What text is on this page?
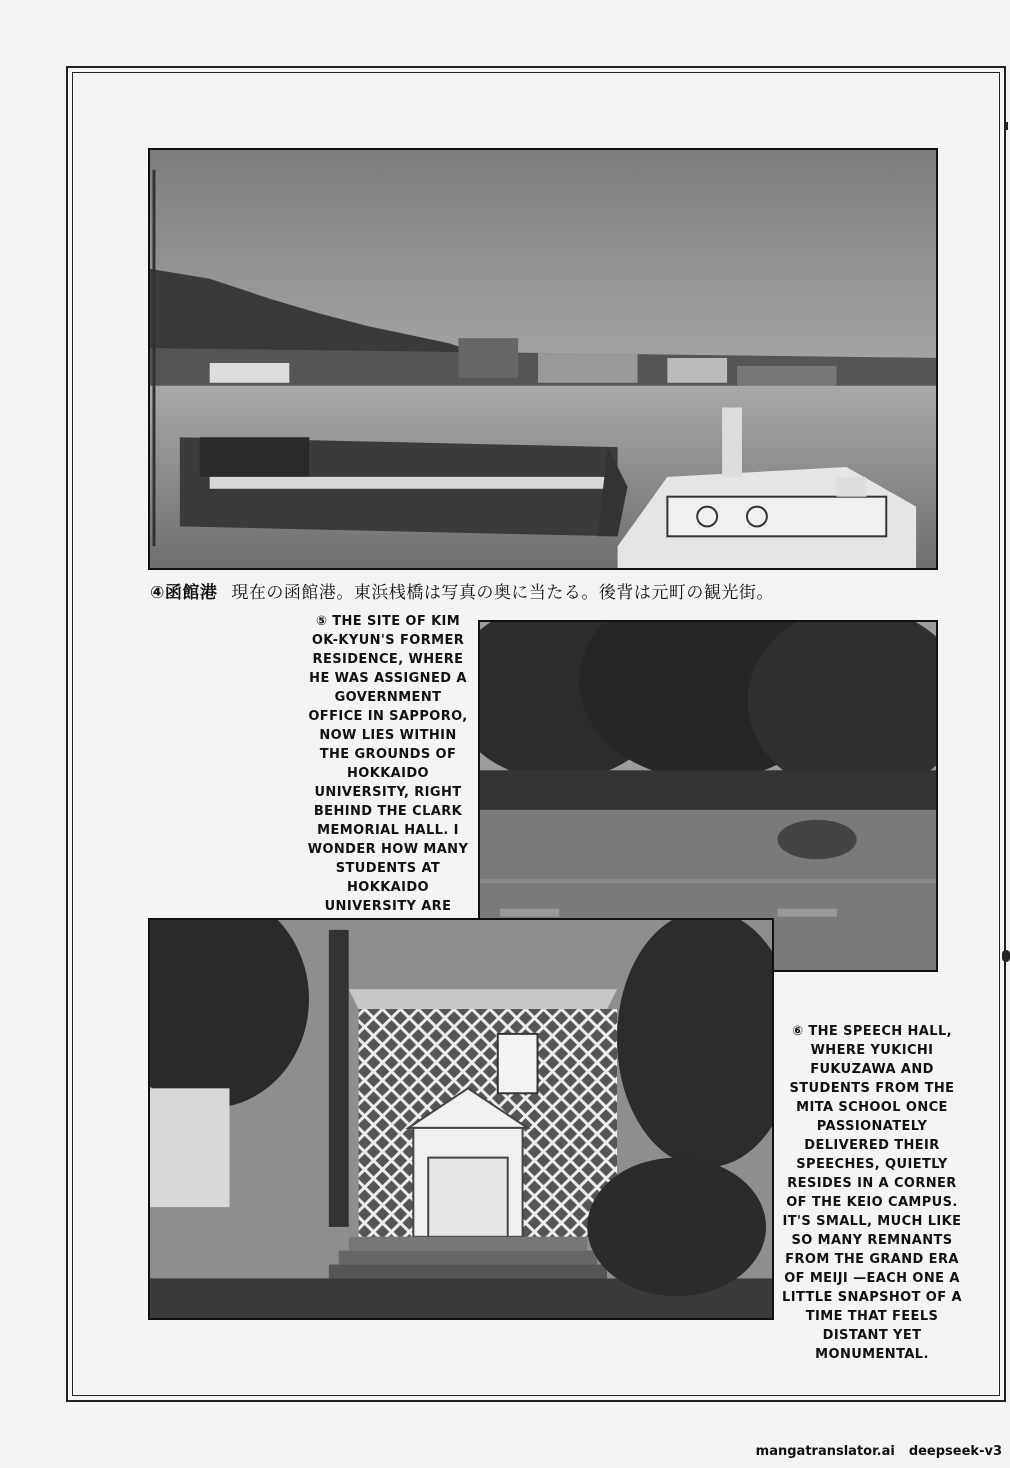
④函館港 現在の函館港。東浜桟橋は写真の奥に当たる。後背は元町の観光街。
⑤ THE SITE OF KIM OK-KYUN'S FORMER RESIDENCE, WHERE HE WAS ASSIGNED A GOVERNMENT OFFICE IN SAPPORO, NOW LIES WITHIN THE GROUNDS OF HOKKAIDO UNIVERSITY, RIGHT BEHIND THE CLARK MEMORIAL HALL. I WONDER HOW MANY STUDENTS AT HOKKAIDO UNIVERSITY ARE
⑥ THE SPEECH HALL, WHERE YUKICHI FUKUZAWA AND STUDENTS FROM THE MITA SCHOOL ONCE PASSIONATELY DELIVERED THEIR SPEECHES, QUIETLY RESIDES IN A CORNER OF THE KEIO CAMPUS. IT'S SMALL, MUCH LIKE SO MANY REMNANTS FROM THE GRAND ERA OF MEIJI —EACH ONE A LITTLE SNAPSHOT OF A TIME THAT FEELS DISTANT YET MONUMENTAL.
mangatranslator.ai deepseek-v3
